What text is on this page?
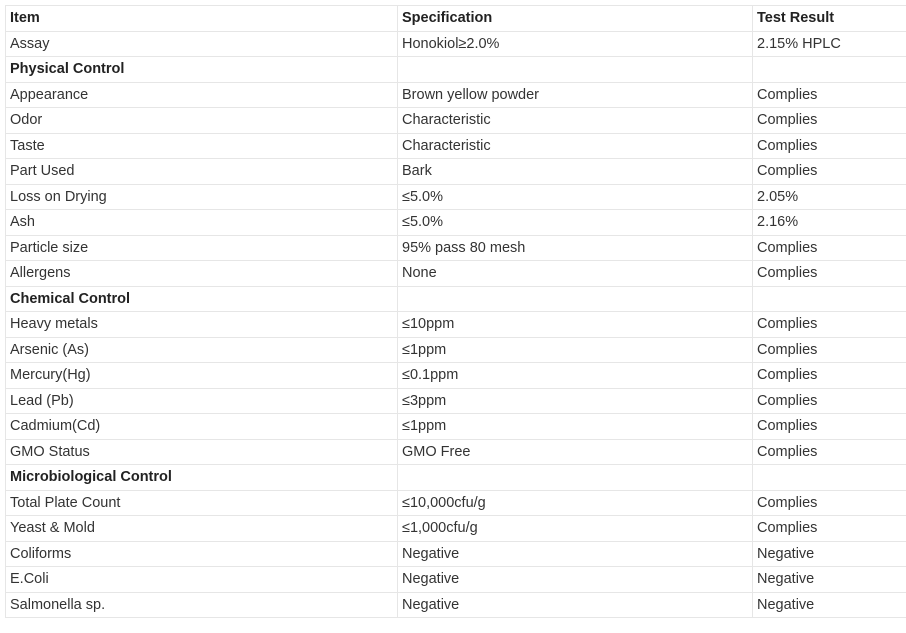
Item	Specification	Test Result
Assay	Honokiol≥2.0%	2.15% HPLC
Physical Control		
Appearance	Brown yellow powder	Complies
Odor	Characteristic	Complies
Taste	Characteristic	Complies
Part Used	Bark	Complies
Loss on Drying	≤5.0%	2.05%
Ash	≤5.0%	2.16%
Particle size	95% pass 80 mesh	Complies
Allergens	None	Complies
Chemical Control		
Heavy metals	≤10ppm	Complies
Arsenic (As)	≤1ppm	Complies
Mercury(Hg)	≤0.1ppm	Complies
Lead (Pb)	≤3ppm	Complies
Cadmium(Cd)	≤1ppm	Complies
GMO Status	GMO Free	Complies
Microbiological Control		
Total Plate Count	≤10,000cfu/g	Complies
Yeast & Mold	≤1,000cfu/g	Complies
Coliforms	Negative	Negative
E.Coli	Negative	Negative
Salmonella sp.	Negative	Negative
